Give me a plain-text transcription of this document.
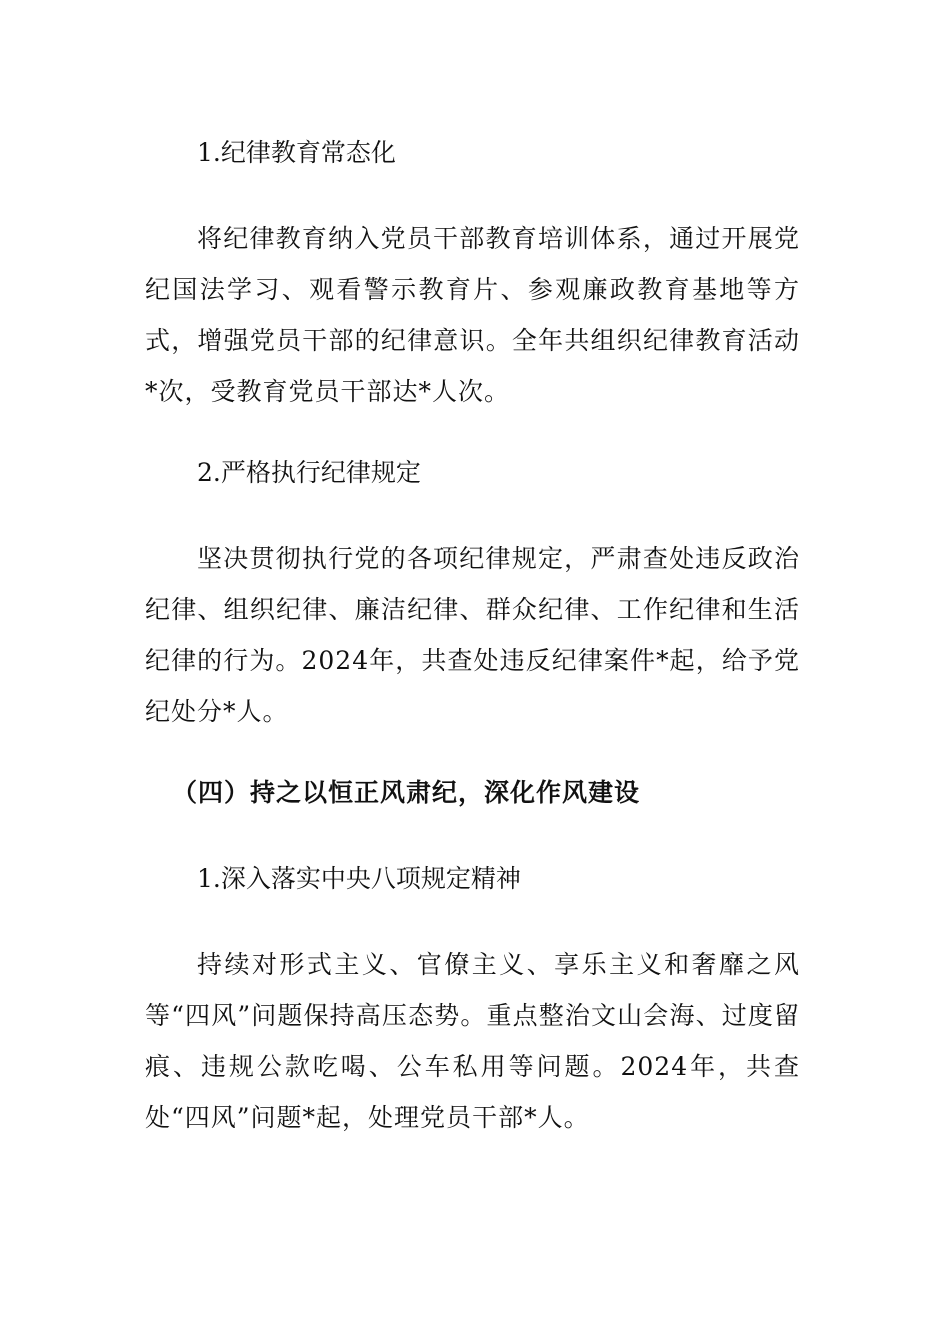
1.纪律教育常态化

将纪律教育纳入党员干部教育培训体系，通过开展党纪国法学习、观看警示教育片、参观廉政教育基地等方式，增强党员干部的纪律意识。全年共组织纪律教育活动*次，受教育党员干部达*人次。

2.严格执行纪律规定

坚决贯彻执行党的各项纪律规定，严肃查处违反政治纪律、组织纪律、廉洁纪律、群众纪律、工作纪律和生活纪律的行为。2024年，共查处违反纪律案件*起，给予党纪处分*人。

（四）持之以恒正风肃纪，深化作风建设
1.深入落实中央八项规定精神

持续对形式主义、官僚主义、享乐主义和奢靡之风等“四风”问题保持高压态势。重点整治文山会海、过度留痕、违规公款吃喝、公车私用等问题。2024年，共查处“四风”问题*起，处理党员干部*人。
